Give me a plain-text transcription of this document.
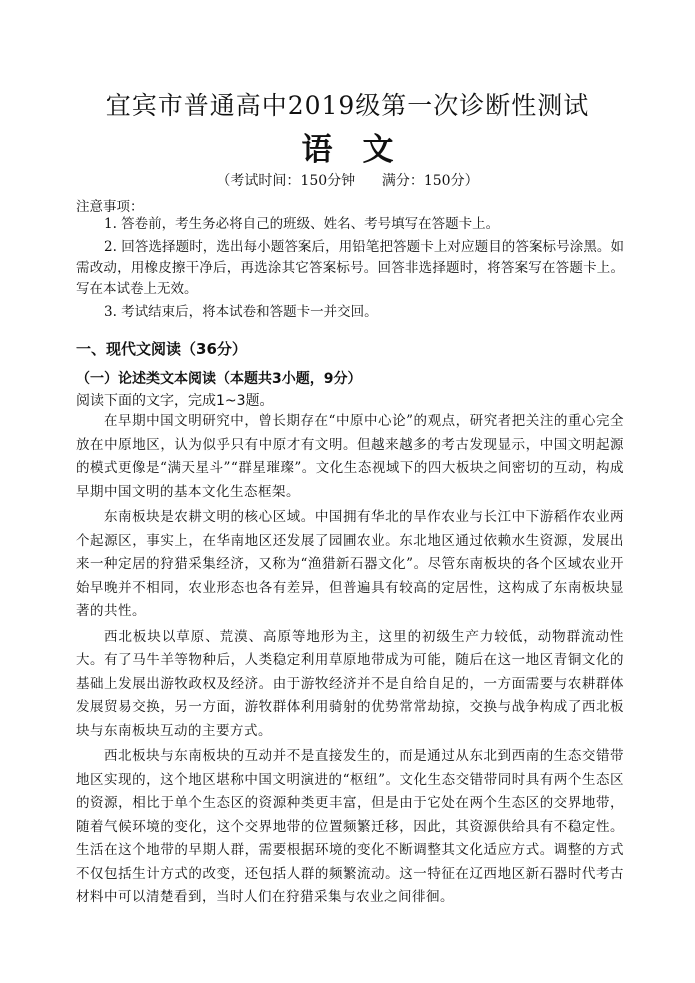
宜宾市普通高中2019级第一次诊断性测试
语文

（考试时间：150分钟      满分：150分）

注意事项：

1. 答卷前，考生务必将自己的班级、姓名、考号填写在答题卡上。

2. 回答选择题时，选出每小题答案后，用铅笔把答题卡上对应题目的答案标号涂黑。如需改动，用橡皮擦干净后，再选涂其它答案标号。回答非选择题时，将答案写在答题卡上。写在本试卷上无效。

3. 考试结束后，将本试卷和答题卡一并交回。

一、现代文阅读（36分）

（一）论述类文本阅读（本题共3小题，9分）

阅读下面的文字，完成1~3题。

在早期中国文明研究中，曾长期存在“中原中心论”的观点，研究者把关注的重心完全放在中原地区，认为似乎只有中原才有文明。但越来越多的考古发现显示，中国文明起源的模式更像是“满天星斗”“群星璀璨”。文化生态视域下的四大板块之间密切的互动，构成早期中国文明的基本文化生态框架。

东南板块是农耕文明的核心区域。中国拥有华北的旱作农业与长江中下游稻作农业两个起源区，事实上，在华南地区还发展了园圃农业。东北地区通过依赖水生资源，发展出来一种定居的狩猎采集经济，又称为“渔猎新石器文化”。尽管东南板块的各个区域农业开始早晚并不相同，农业形态也各有差异，但普遍具有较高的定居性，这构成了东南板块显著的共性。

西北板块以草原、荒漠、高原等地形为主，这里的初级生产力较低，动物群流动性大。有了马牛羊等物种后，人类稳定利用草原地带成为可能，随后在这一地区青铜文化的基础上发展出游牧政权及经济。由于游牧经济并不是自给自足的，一方面需要与农耕群体发展贸易交换，另一方面，游牧群体利用骑射的优势常常劫掠，交换与战争构成了西北板块与东南板块互动的主要方式。

西北板块与东南板块的互动并不是直接发生的，而是通过从东北到西南的生态交错带地区实现的，这个地区堪称中国文明演进的“枢纽”。文化生态交错带同时具有两个生态区的资源，相比于单个生态区的资源种类更丰富，但是由于它处在两个生态区的交界地带，随着气候环境的变化，这个交界地带的位置频繁迁移，因此，其资源供给具有不稳定性。生活在这个地带的早期人群，需要根据环境的变化不断调整其文化适应方式。调整的方式不仅包括生计方式的改变，还包括人群的频繁流动。这一特征在辽西地区新石器时代考古材料中可以清楚看到，当时人们在狩猎采集与农业之间徘徊。
